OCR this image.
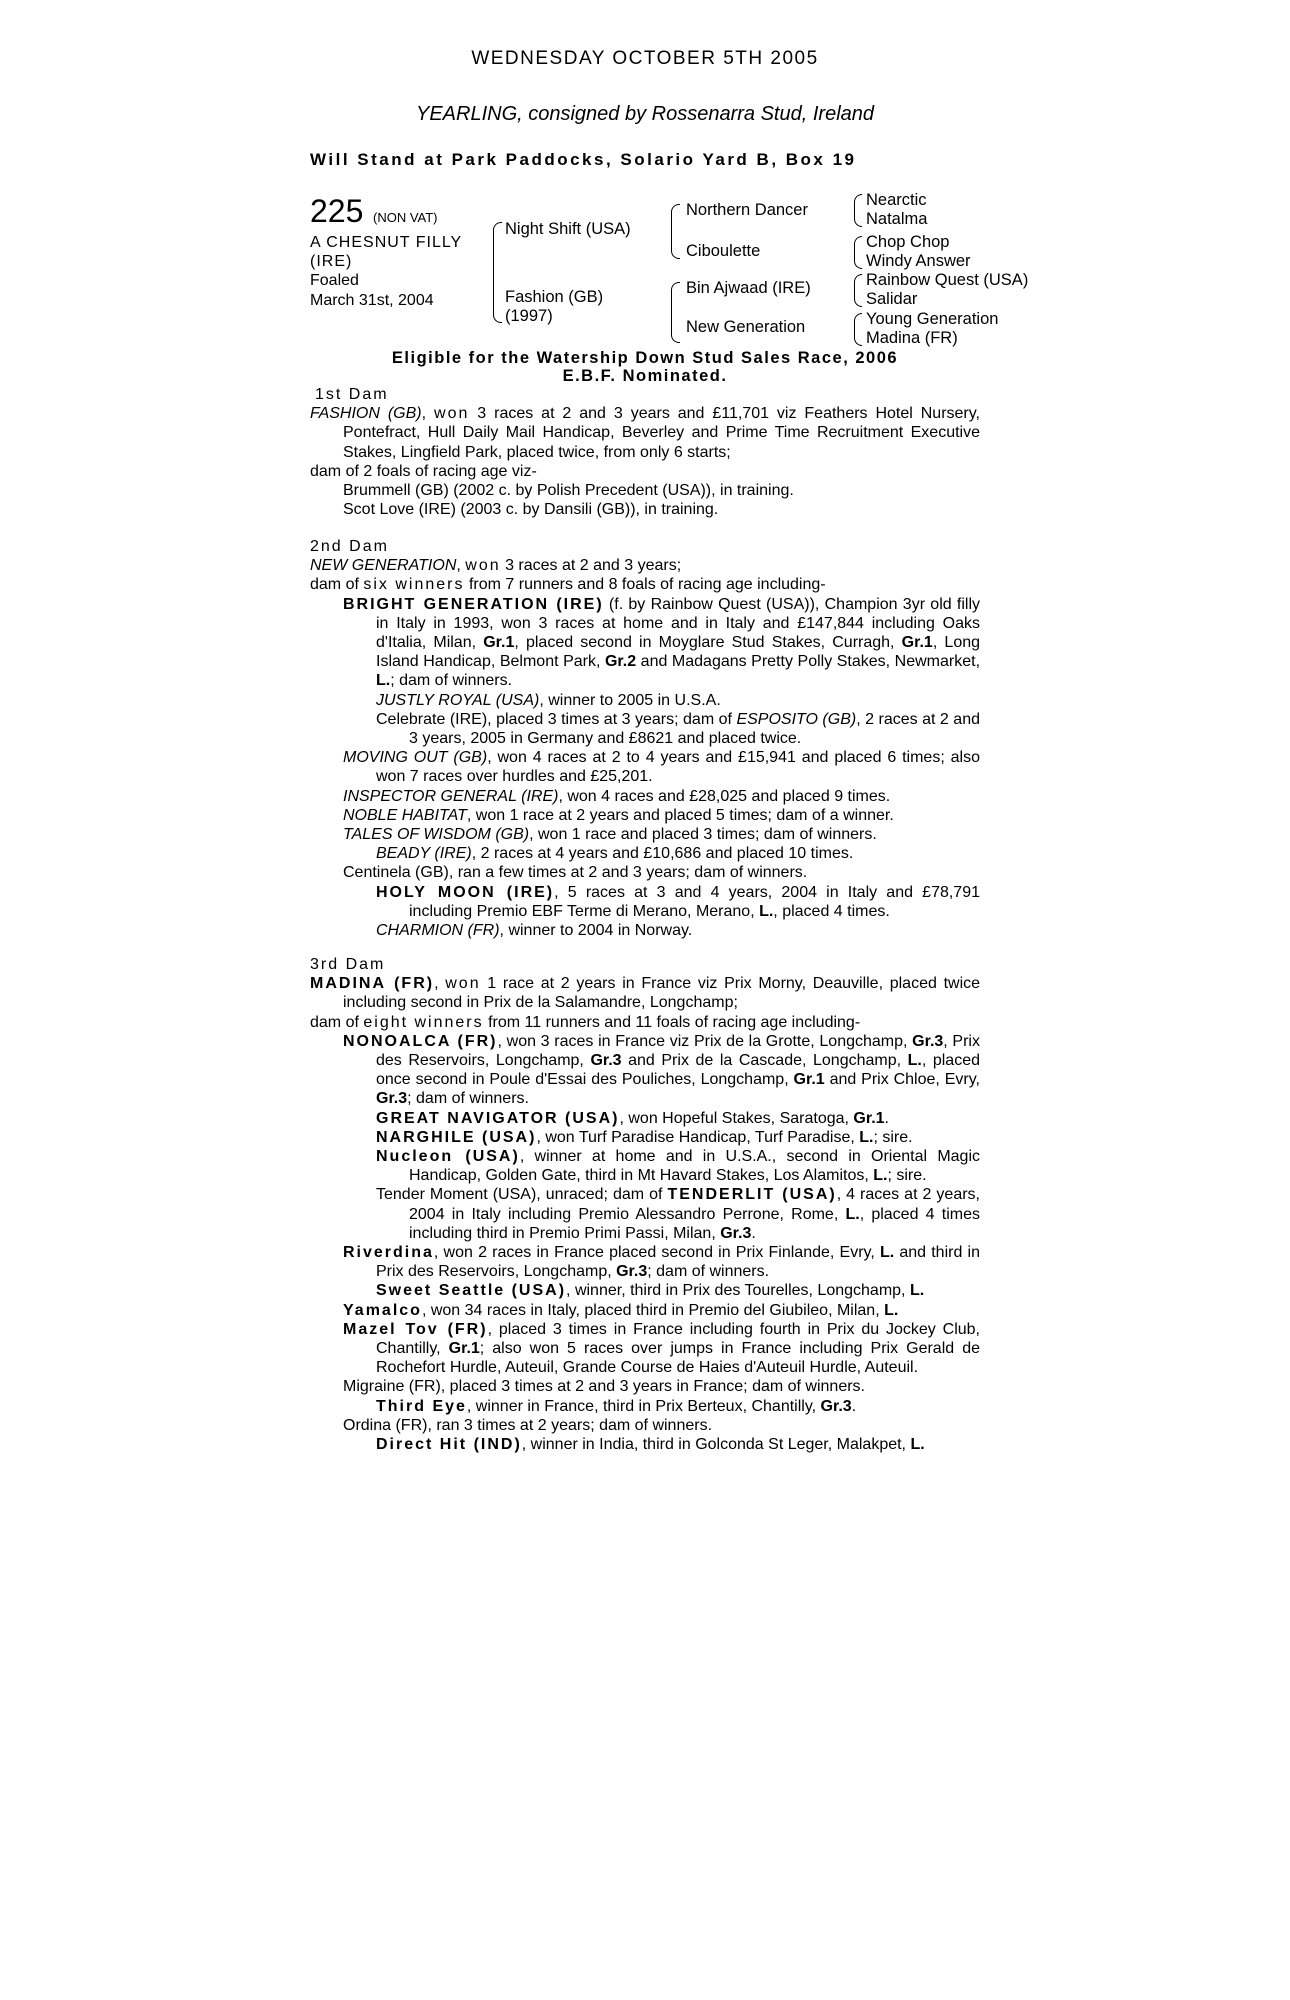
WEDNESDAY OCTOBER 5TH 2005
YEARLING, consigned by Rossenarra Stud, Ireland
Will Stand at Park Paddocks, Solario Yard B, Box 19
225 (NON VAT)
A CHESNUT FILLY
(IRE)
Foaled
March 31st, 2004
Night Shift (USA)
Fashion (GB)
(1997)
Northern Dancer
Ciboulette
Bin Ajwaad (IRE)
New Generation
Nearctic
Natalma
Chop Chop
Windy Answer
Rainbow Quest (USA)
Salidar
Young Generation
Madina (FR)
Eligible for the Watership Down Stud Sales Race, 2006
E.B.F. Nominated.

1st Dam

FASHION (GB), won 3 races at 2 and 3 years and £11,701 viz Feathers Hotel Nursery, Pontefract, Hull Daily Mail Handicap, Beverley and Prime Time Recruitment Executive Stakes, Lingfield Park, placed twice, from only 6 starts;

dam of 2 foals of racing age viz-

Brummell (GB) (2002 c. by Polish Precedent (USA)), in training.

Scot Love (IRE) (2003 c. by Dansili (GB)), in training.

2nd Dam

NEW GENERATION, won 3 races at 2 and 3 years;

dam of six winners from 7 runners and 8 foals of racing age including-

BRIGHT GENERATION (IRE) (f. by Rainbow Quest (USA)), Champion 3yr old filly in Italy in 1993, won 3 races at home and in Italy and £147,844 including Oaks d'Italia, Milan, Gr.1, placed second in Moyglare Stud Stakes, Curragh, Gr.1, Long Island Handicap, Belmont Park, Gr.2 and Madagans Pretty Polly Stakes, Newmarket, L.; dam of winners.

JUSTLY ROYAL (USA), winner to 2005 in U.S.A.

Celebrate (IRE), placed 3 times at 3 years; dam of ESPOSITO (GB), 2 races at 2 and 3 years, 2005 in Germany and £8621 and placed twice.

MOVING OUT (GB), won 4 races at 2 to 4 years and £15,941 and placed 6 times; also won 7 races over hurdles and £25,201.

INSPECTOR GENERAL (IRE), won 4 races and £28,025 and placed 9 times.

NOBLE HABITAT, won 1 race at 2 years and placed 5 times; dam of a winner.

TALES OF WISDOM (GB), won 1 race and placed 3 times; dam of winners.

BEADY (IRE), 2 races at 4 years and £10,686 and placed 10 times.

Centinela (GB), ran a few times at 2 and 3 years; dam of winners.

HOLY MOON (IRE), 5 races at 3 and 4 years, 2004 in Italy and £78,791 including Premio EBF Terme di Merano, Merano, L., placed 4 times.

CHARMION (FR), winner to 2004 in Norway.

3rd Dam

MADINA (FR), won 1 race at 2 years in France viz Prix Morny, Deauville, placed twice including second in Prix de la Salamandre, Longchamp;

dam of eight winners from 11 runners and 11 foals of racing age including-

NONOALCA (FR), won 3 races in France viz Prix de la Grotte, Longchamp, Gr.3, Prix des Reservoirs, Longchamp, Gr.3 and Prix de la Cascade, Longchamp, L., placed once second in Poule d'Essai des Pouliches, Longchamp, Gr.1 and Prix Chloe, Evry, Gr.3; dam of winners.

GREAT NAVIGATOR (USA), won Hopeful Stakes, Saratoga, Gr.1.

NARGHILE (USA), won Turf Paradise Handicap, Turf Paradise, L.; sire.

Nucleon (USA), winner at home and in U.S.A., second in Oriental Magic Handicap, Golden Gate, third in Mt Havard Stakes, Los Alamitos, L.; sire.

Tender Moment (USA), unraced; dam of TENDERLIT (USA), 4 races at 2 years, 2004 in Italy including Premio Alessandro Perrone, Rome, L., placed 4 times including third in Premio Primi Passi, Milan, Gr.3.

Riverdina, won 2 races in France placed second in Prix Finlande, Evry, L. and third in Prix des Reservoirs, Longchamp, Gr.3; dam of winners.

Sweet Seattle (USA), winner, third in Prix des Tourelles, Longchamp, L.

Yamalco, won 34 races in Italy, placed third in Premio del Giubileo, Milan, L.

Mazel Tov (FR), placed 3 times in France including fourth in Prix du Jockey Club, Chantilly, Gr.1; also won 5 races over jumps in France including Prix Gerald de Rochefort Hurdle, Auteuil, Grande Course de Haies d'Auteuil Hurdle, Auteuil.

Migraine (FR), placed 3 times at 2 and 3 years in France; dam of winners.

Third Eye, winner in France, third in Prix Berteux, Chantilly, Gr.3.

Ordina (FR), ran 3 times at 2 years; dam of winners.

Direct Hit (IND), winner in India, third in Golconda St Leger, Malakpet, L.
